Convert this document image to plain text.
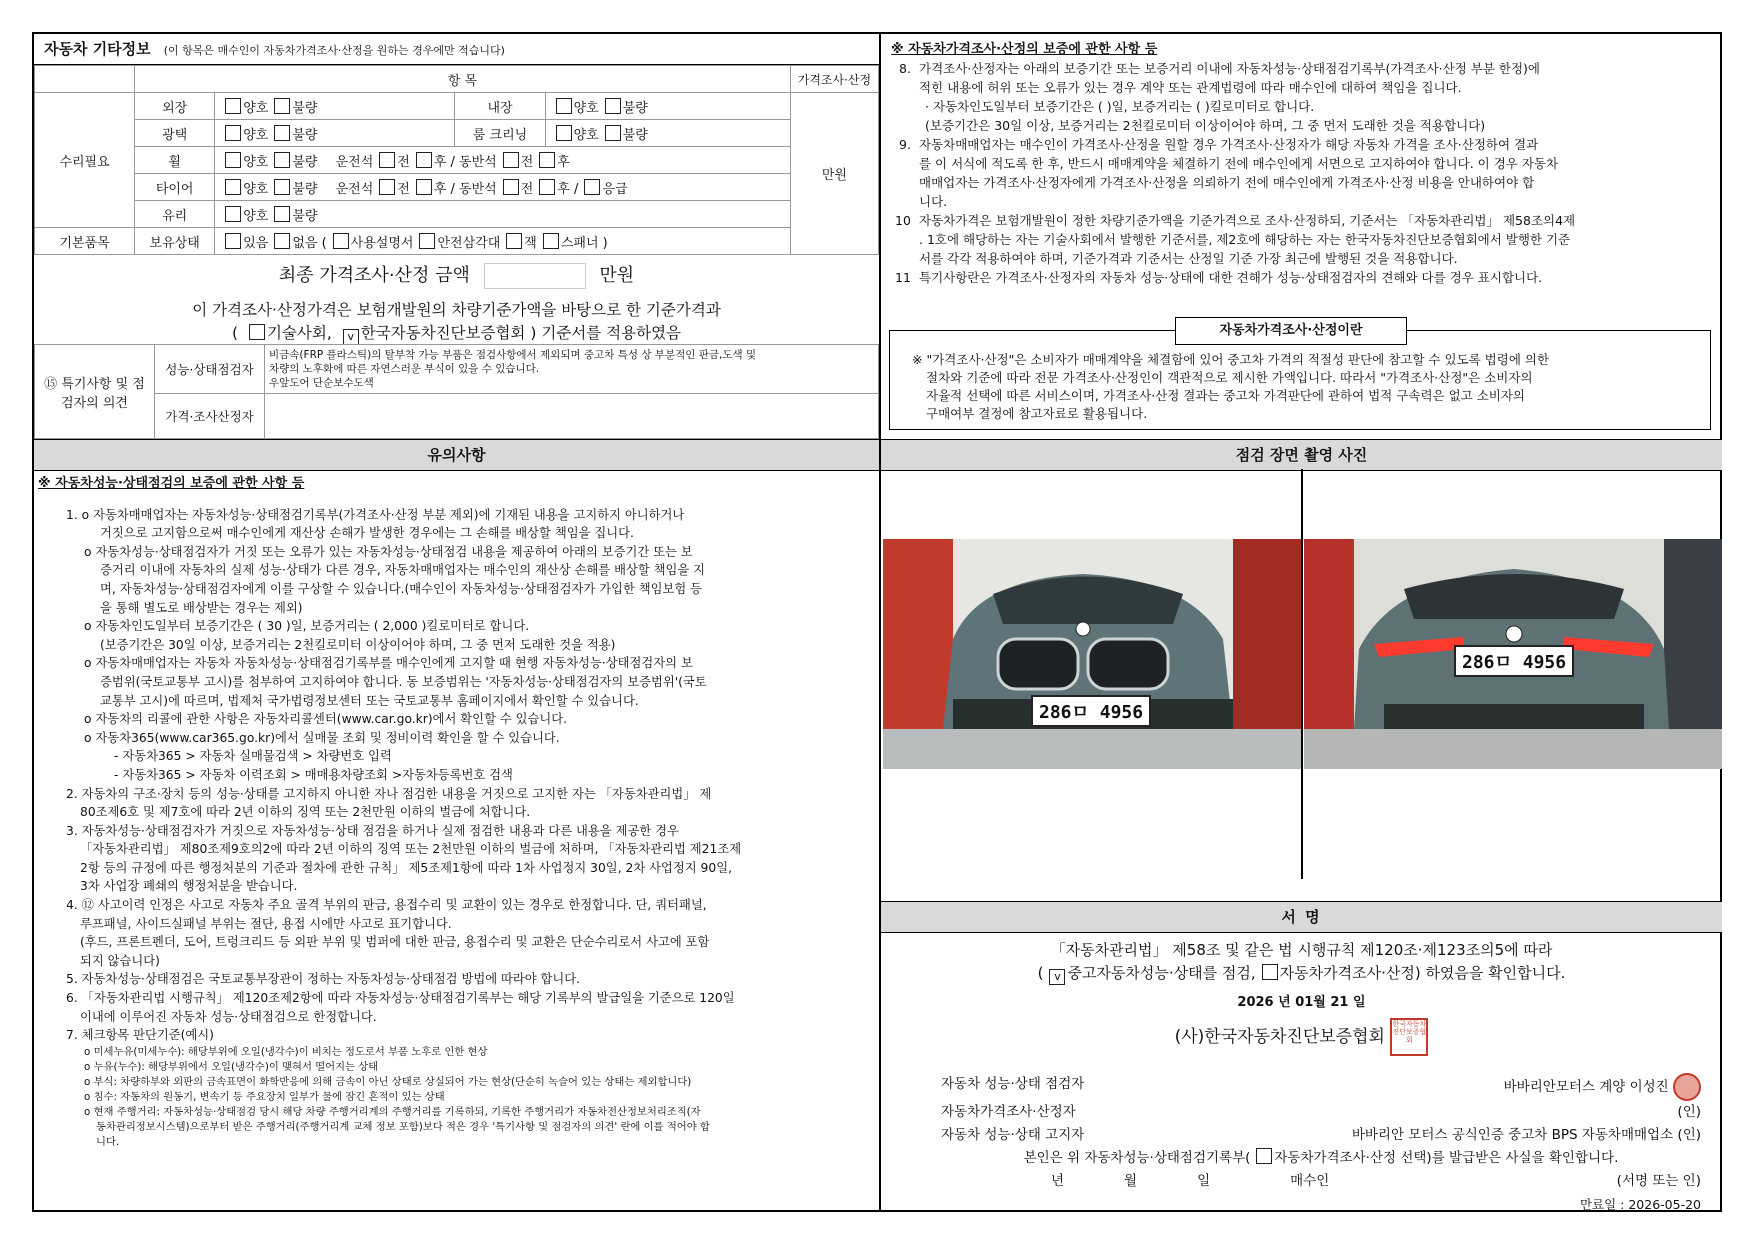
자동차 기타정보 (이 항목은 매수인이 자동차가격조사·산정을 원하는 경우에만 적습니다)
	항 목				가격조사·산정
수리필요	외장	양호 불량	내장	양호 불량	만원
	광택	양호 불량	룸 크리닝	양호 불량	
	휠	양호 불량 운전석 전 후 / 동반석 전 후			
	타이어	양호 불량 운전석 전 후 / 동반석 전 후 / 응급			
	유리	양호 불량			
기본품목	보유상태	있음 없음 ( 사용설명서 안전삼각대 잭 스패너 )			
최종 가격조사·산정 금액	만원
이 가격조사·산정가격은 보험개발원의 차량기준가액을 바탕으로 한 기준가격과
( 기술사회, v 한국자동차진단보증협회 ) 기준서를 적용하였음
⑮ 특기사항 및 점검자의 의견	성능·상태점검자	비금속(FRP 플라스틱)의 탈부착 가능 부품은 점검사항에서 제외되며 중고차 특성 상 부분적인 판금,도색 및
차량의 노후화에 따른 자연스러운 부식이 있을 수 있습니다.
우앞도어 단순보수도색

	가격·조사산정자	
※ 자동차가격조사·산정의 보증에 관한 사항 등
8. 가격조사·산정자는 아래의 보증기간 또는 보증거리 이내에 자동차성능·상태점검기록부(가격조사·산정 부분 한정)에
적힌 내용에 허위 또는 오류가 있는 경우 계약 또는 관계법령에 따라 매수인에 대하여 책임을 집니다.
· 자동차인도일부터 보증기간은 ( )일, 보증거리는 ( )킬로미터로 합니다.
(보증기간은 30일 이상, 보증거리는 2천킬로미터 이상이어야 하며, 그 중 먼저 도래한 것을 적용합니다)
9. 자동차매매업자는 매수인이 가격조사·산정을 원할 경우 가격조사·산정자가 해당 자동차 가격을 조사·산정하여 결과
를 이 서식에 적도록 한 후, 반드시 매매계약을 체결하기 전에 매수인에게 서면으로 고지하여야 합니다. 이 경우 자동차
매매업자는 가격조사·산정자에게 가격조사·산정을 의뢰하기 전에 매수인에게 가격조사·산정 비용을 안내하여야 합
니다.
10 자동차가격은 보험개발원이 정한 차량기준가액을 기준가격으로 조사·산정하되, 기준서는 「자동차관리법」 제58조의4제
. 1호에 해당하는 자는 기술사회에서 발행한 기준서를, 제2호에 해당하는 자는 한국자동차진단보증협회에서 발행한 기준
서를 각각 적용하여야 하며, 기준가격과 기준서는 산정일 기준 가장 최근에 발행된 것을 적용합니다.
11 특기사항란은 가격조사·산정자의 자동차 성능·상태에 대한 견해가 성능·상태점검자의 견해와 다를 경우 표시합니다.
자동차가격조사·산정이란
※ "가격조사·산정"은 소비자가 매매계약을 체결함에 있어 중고차 가격의 적절성 판단에 참고할 수 있도록 법령에 의한
절차와 기준에 따라 전문 가격조사·산정인이 객관적으로 제시한 가액입니다. 따라서 "가격조사·산정"은 소비자의
자율적 선택에 따른 서비스이며, 가격조사·산정 결과는 중고차 가격판단에 관하여 법적 구속력은 없고 소비자의
구매여부 결정에 참고자료로 활용됩니다.
유의사항
※ 자동차성능·상태점검의 보증에 관한 사항 등
1. o 자동차매매업자는 자동차성능·상태점검기록부(가격조사·산정 부분 제외)에 기재된 내용을 고지하지 아니하거나
거짓으로 고지함으로써 매수인에게 재산상 손해가 발생한 경우에는 그 손해를 배상할 책임을 집니다.
o 자동차성능·상태점검자가 거짓 또는 오류가 있는 자동차성능·상태점검 내용을 제공하여 아래의 보증기간 또는 보
증거리 이내에 자동차의 실제 성능·상태가 다른 경우, 자동차매매업자는 매수인의 재산상 손해를 배상할 책임을 지
며, 자동차성능·상태점검자에게 이를 구상할 수 있습니다.(매수인이 자동차성능·상태점검자가 가입한 책임보험 등
을 통해 별도로 배상받는 경우는 제외)
o 자동차인도일부터 보증기간은 ( 30 )일, 보증거리는 ( 2,000 )킬로미터로 합니다.
(보증기간은 30일 이상, 보증거리는 2천킬로미터 이상이어야 하며, 그 중 먼저 도래한 것을 적용)
o 자동차매매업자는 자동차 자동차성능·상태점검기록부를 매수인에게 고지할 때 현행 자동차성능·상태점검자의 보
증범위(국토교통부 고시)를 첨부하여 고지하여야 합니다. 동 보증범위는 '자동차성능·상태점검자의 보증범위'(국토
교통부 고시)에 따르며, 법제처 국가법령정보센터 또는 국토교통부 홈페이지에서 확인할 수 있습니다.
o 자동차의 리콜에 관한 사항은 자동차리콜센터(www.car.go.kr)에서 확인할 수 있습니다.
o 자동차365(www.car365.go.kr)에서 실매물 조회 및 정비이력 확인을 할 수 있습니다.
- 자동차365 > 자동차 실매물검색 > 차량번호 입력
- 자동차365 > 자동차 이력조회 > 매매용차량조회 >자동차등록번호 검색
2. 자동차의 구조·장치 등의 성능·상태를 고지하지 아니한 자나 점검한 내용을 거짓으로 고지한 자는 「자동차관리법」 제
80조제6호 및 제7호에 따라 2년 이하의 징역 또는 2천만원 이하의 벌금에 처합니다.
3. 자동차성능·상태점검자가 거짓으로 자동차성능·상태 점검을 하거나 실제 점검한 내용과 다른 내용을 제공한 경우
「자동차관리법」 제80조제9호의2에 따라 2년 이하의 징역 또는 2천만원 이하의 벌금에 처하며, 「자동차관리법 제21조제
2항 등의 규정에 따른 행정처분의 기준과 절차에 관한 규칙」 제5조제1항에 따라 1차 사업정지 30일, 2차 사업정지 90일,
3차 사업장 폐쇄의 행정처분을 받습니다.
4. ⑫ 사고이력 인정은 사고로 자동차 주요 골격 부위의 판금, 용접수리 및 교환이 있는 경우로 한정합니다. 단, 쿼터패널,
루프패널, 사이드실패널 부위는 절단, 용접 시에만 사고로 표기합니다.
(후드, 프론트펜더, 도어, 트렁크리드 등 외판 부위 및 범퍼에 대한 판금, 용접수리 및 교환은 단순수리로서 사고에 포함
되지 않습니다)
5. 자동차성능·상태점검은 국토교통부장관이 정하는 자동차성능·상태점검 방법에 따라야 합니다.
6. 「자동차관리법 시행규칙」 제120조제2항에 따라 자동차성능·상태점검기록부는 해당 기록부의 발급일을 기준으로 120일
이내에 이루어진 자동차 성능·상태점검으로 한정합니다.
7. 체크항목 판단기준(예시)
o 미세누유(미세누수): 해당부위에 오일(냉각수)이 비치는 정도로서 부품 노후로 인한 현상
o 누유(누수): 해당부위에서 오일(냉각수)이 맺혀서 떨어지는 상태
o 부식: 차량하부와 외판의 금속표면이 화학반응에 의해 금속이 아닌 상태로 상실되어 가는 현상(단순히 녹슬어 있는 상태는 제외합니다)
o 침수: 자동차의 원동기, 변속기 등 주요장치 일부가 물에 잠긴 흔적이 있는 상태
o 현재 주행거리: 자동차성능·상태점검 당시 해당 차량 주행거리계의 주행거리를 기록하되, 기록한 주행거리가 자동차전산정보처리조직(자
동차관리정보시스템)으로부터 받은 주행거리(주행거리계 교체 정보 포함)보다 적은 경우 '특기사항 및 점검자의 의견' 란에 이를 적어야 합
니다.
점검 장면 촬영 사진
286ㅁ 4956
286ㅁ 4956
서 명
「자동차관리법」 제58조 및 같은 법 시행규칙 제120조·제123조의5에 따라
( v 중고자동차성능·상태를 점검, 자동차가격조사·산정) 하였음을 확인합니다.
2026 년 01월 21 일
(사)한국자동차진단보증협회 한국자동차진단보증협회
자동차 성능·상태 점검자	바바리안모터스 계양 이성진
자동차가격조사·산정자	(인)
자동차 성능·상태 고지자	바바리안 모터스 공식인증 중고차 BPS 자동차매매업소 (인)
본인은 위 자동차성능·상태점검기록부( 자동차가격조사·산정 선택)를 발급받은 사실을 확인합니다.
년	월	일	매수인	(서명 또는 인)
만료일 : 2026-05-20
